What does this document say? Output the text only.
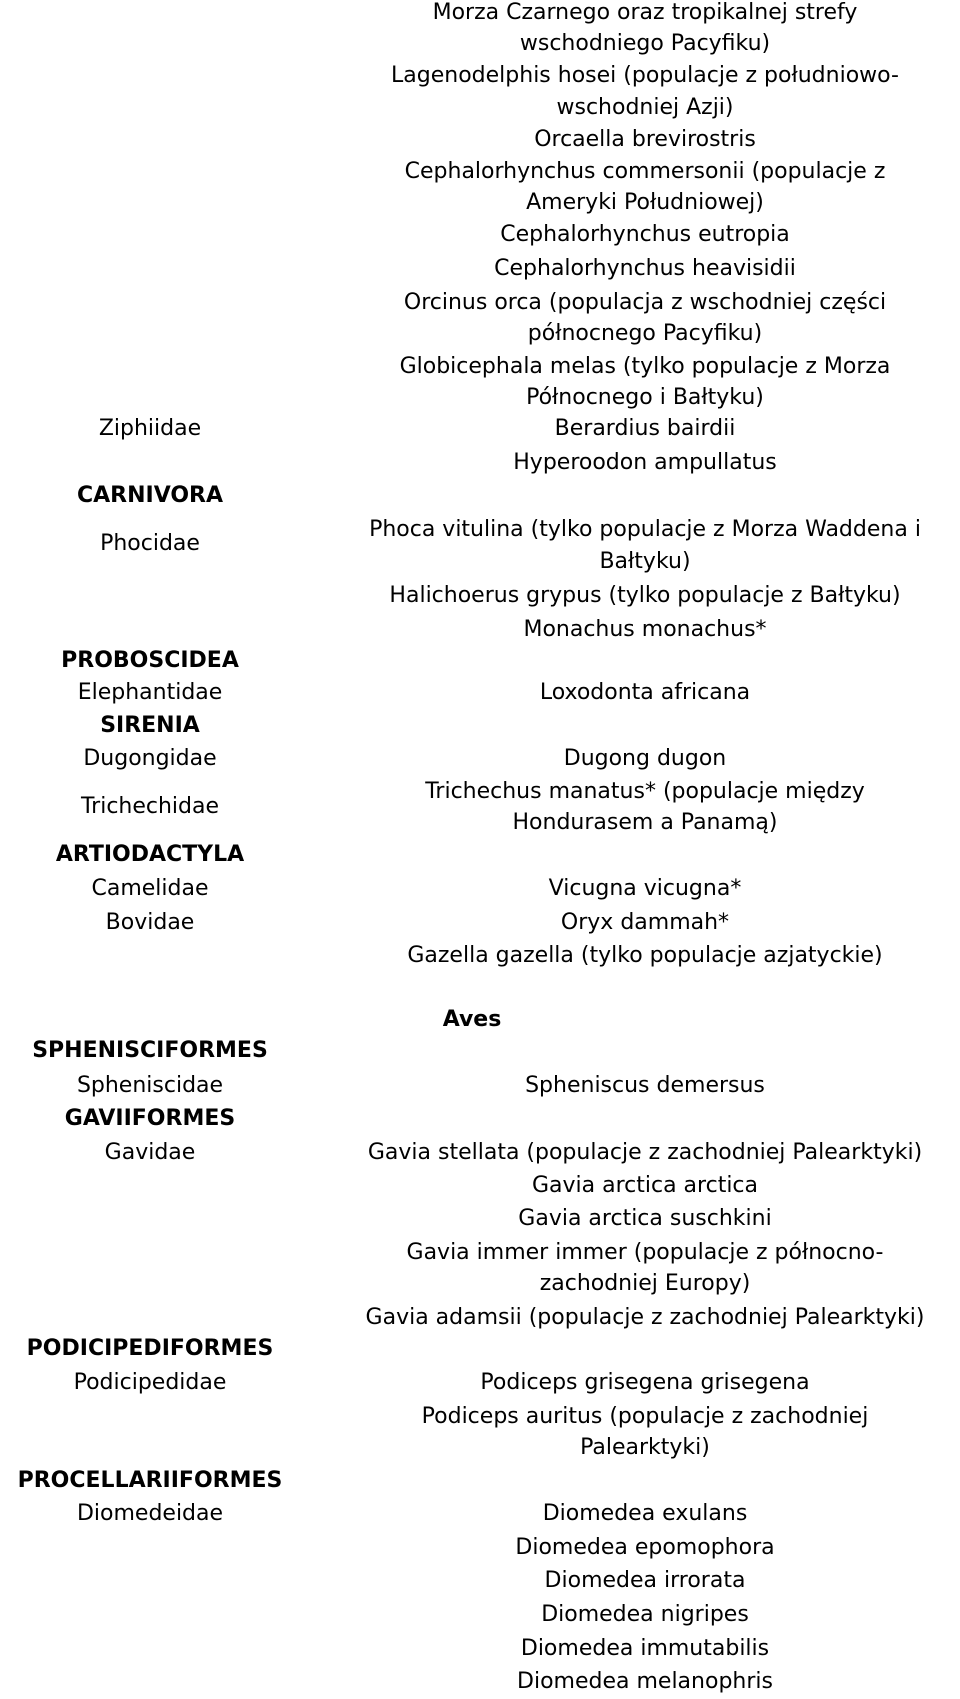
Ziphiidae

CARNIVORA

Phocidae

PROBOSCIDEA

Elephantidae

SIRENIA

Dugongidae

Trichechidae

ARTIODACTYLA

Camelidae

Bovidae

SPHENISCIFORMES

Spheniscidae

GAVIIFORMES

Gavidae

PODICIPEDIFORMES

Podicipedidae

PROCELLARIIFORMES

Diomedeidae

Aves

Morza Czarnego oraz tropikalnej strefy

wschodniego Pacyfiku)

Lagenodelphis hosei (populacje z południowo-

wschodniej Azji)

Orcaella brevirostris

Cephalorhynchus commersonii (populacje z

Ameryki Południowej)

Cephalorhynchus eutropia

Cephalorhynchus heavisidii

Orcinus orca (populacja z wschodniej części

północnego Pacyfiku)

Globicephala melas (tylko populacje z Morza

Północnego i Bałtyku)

Berardius bairdii

Hyperoodon ampullatus

Phoca vitulina (tylko populacje z Morza Waddena i

Bałtyku)

Halichoerus grypus (tylko populacje z Bałtyku)

Monachus monachus*

Loxodonta africana

Dugong dugon

Trichechus manatus* (populacje między

Hondurasem a Panamą)

Vicugna vicugna*

Oryx dammah*

Gazella gazella (tylko populacje azjatyckie)

Spheniscus demersus

Gavia stellata (populacje z zachodniej Palearktyki)

Gavia arctica arctica

Gavia arctica suschkini

Gavia immer immer (populacje z północno-

zachodniej Europy)

Gavia adamsii (populacje z zachodniej Palearktyki)

Podiceps grisegena grisegena

Podiceps auritus (populacje z zachodniej

Palearktyki)

Diomedea exulans

Diomedea epomophora

Diomedea irrorata

Diomedea nigripes

Diomedea immutabilis

Diomedea melanophris
